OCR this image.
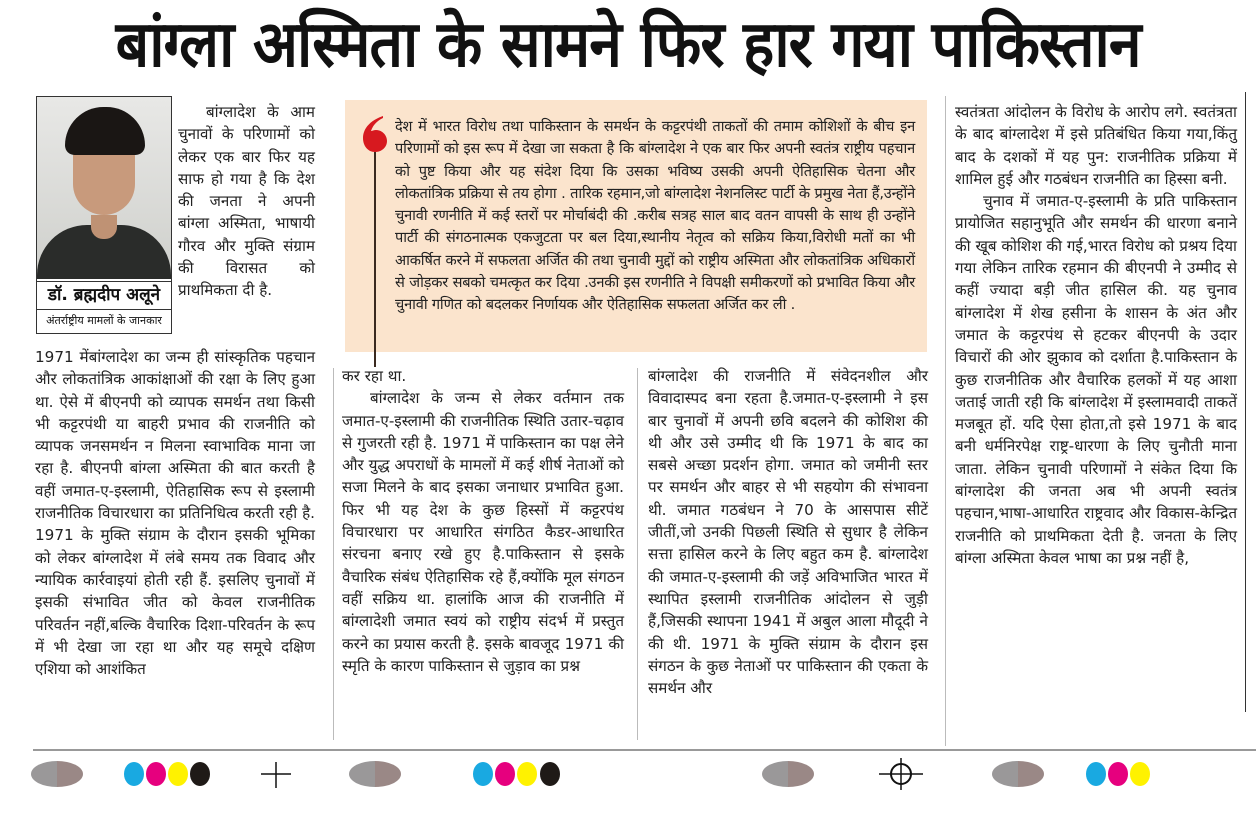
बांग्ला अस्मिता के सामने फिर हार गया पाकिस्तान
डॉ. ब्रह्मदीप अलूने
अंतर्राष्ट्रीय मामलों के जानकार

बांग्लादेश के आम चुनावों के परिणामों को लेकर एक बार फिर यह साफ हो गया है कि देश की जनता ने अपनी बांग्ला अस्मिता, भाषायी गौरव और मुक्ति संग्राम की विरासत को प्राथमिकता दी है.

1971 मेंबांग्लादेश का जन्म ही सांस्कृतिक पहचान और लोकतांत्रिक आकांक्षाओं की रक्षा के लिए हुआ था. ऐसे में बीएनपी को व्यापक समर्थन तथा किसी भी कट्टरपंथी या बाहरी प्रभाव की राजनीति को व्यापक जनसमर्थन न मिलना स्वाभाविक माना जा रहा है. बीएनपी बांग्ला अस्मिता की बात करती है वहीं जमात-ए-इस्लामी, ऐतिहासिक रूप से इस्लामी राजनीतिक विचारधारा का प्रतिनिधित्व करती रही है. 1971 के मुक्ति संग्राम के दौरान इसकी भूमिका को लेकर बांग्लादेश में लंबे समय तक विवाद और न्यायिक कार्रवाइयां होती रही हैं. इसलिए चुनावों में इसकी संभावित जीत को केवल राजनीतिक परिवर्तन नहीं,बल्कि वैचारिक दिशा-परिवर्तन के रूप में भी देखा जा रहा था और यह समूचे दक्षिण एशिया को आशंकित

देश में भारत विरोध तथा पाकिस्तान के समर्थन के कट्टरपंथी ताकतों की तमाम कोशिशों के बीच इन परिणामों को इस रूप में देखा जा सकता है कि बांग्लादेश ने एक बार फिर अपनी स्वतंत्र राष्ट्रीय पहचान को पुष्ट किया और यह संदेश दिया कि उसका भविष्य उसकी अपनी ऐतिहासिक चेतना और लोकतांत्रिक प्रक्रिया से तय होगा . तारिक रहमान,जो बांग्लादेश नेशनलिस्ट पार्टी के प्रमुख नेता हैं,उन्होंने चुनावी रणनीति में कई स्तरों पर मोर्चाबंदी की .करीब सत्रह साल बाद वतन वापसी के साथ ही उन्होंने पार्टी की संगठनात्मक एकजुटता पर बल दिया,स्थानीय नेतृत्व को सक्रिय किया,विरोधी मतों का भी आकर्षित करने में सफलता अर्जित की तथा चुनावी मुद्दों को राष्ट्रीय अस्मिता और लोकतांत्रिक अधिकारों से जोड़कर सबको चमत्कृत कर दिया .उनकी इस रणनीति ने विपक्षी समीकरणों को प्रभावित किया और चुनावी गणित को बदलकर निर्णायक और ऐतिहासिक सफलता अर्जित कर ली .

कर रहा था.

बांग्लादेश के जन्म से लेकर वर्तमान तक जमात-ए-इस्लामी की राजनीतिक स्थिति उतार-चढ़ाव से गुजरती रही है. 1971 में पाकिस्तान का पक्ष लेने और युद्ध अपराधों के मामलों में कई शीर्ष नेताओं को सजा मिलने के बाद इसका जनाधार प्रभावित हुआ. फिर भी यह देश के कुछ हिस्सों में कट्टरपंथ विचारधारा पर आधारित संगठित कैडर-आधारित संरचना बनाए रखे हुए है.पाकिस्तान से इसके वैचारिक संबंध ऐतिहासिक रहे हैं,क्योंकि मूल संगठन वहीं सक्रिय था. हालांकि आज की राजनीति में बांग्लादेशी जमात स्वयं को राष्ट्रीय संदर्भ में प्रस्तुत करने का प्रयास करती है. इसके बावजूद 1971 की स्मृति के कारण पाकिस्तान से जुड़ाव का प्रश्न

बांग्लादेश की राजनीति में संवेदनशील और विवादास्पद बना रहता है.जमात-ए-इस्लामी ने इस बार चुनावों में अपनी छवि बदलने की कोशिश की थी और उसे उम्मीद थी कि 1971 के बाद का सबसे अच्छा प्रदर्शन होगा. जमात को जमीनी स्तर पर समर्थन और बाहर से भी सहयोग की संभावना थी. जमात गठबंधन ने 70 के आसपास सीटें जीतीं,जो उनकी पिछली स्थिति से सुधार है लेकिन सत्ता हासिल करने के लिए बहुत कम है. बांग्लादेश की जमात-ए-इस्लामी की जड़ें अविभाजित भारत में स्थापित इस्लामी राजनीतिक आंदोलन से जुड़ी हैं,जिसकी स्थापना 1941 में अबुल आला मौदूदी ने की थी. 1971 के मुक्ति संग्राम के दौरान इस संगठन के कुछ नेताओं पर पाकिस्तान की एकता के समर्थन और

स्वतंत्रता आंदोलन के विरोध के आरोप लगे. स्वतंत्रता के बाद बांग्लादेश में इसे प्रतिबंधित किया गया,किंतु बाद के दशकों में यह पुन: राजनीतिक प्रक्रिया में शामिल हुई और गठबंधन राजनीति का हिस्सा बनी.

चुनाव में जमात-ए-इस्लामी के प्रति पाकिस्तान प्रायोजित सहानुभूति और समर्थन की धारणा बनाने की खूब कोशिश की गई,भारत विरोध को प्रश्रय दिया गया लेकिन तारिक रहमान की बीएनपी ने उम्मीद से कहीं ज्यादा बड़ी जीत हासिल की. यह चुनाव बांग्लादेश में शेख हसीना के शासन के अंत और जमात के कट्टरपंथ से हटकर बीएनपी के उदार विचारों की ओर झुकाव को दर्शाता है.पाकिस्तान के कुछ राजनीतिक और वैचारिक हलकों में यह आशा जताई जाती रही कि बांग्लादेश में इस्लामवादी ताकतें मजबूत हों. यदि ऐसा होता,तो इसे 1971 के बाद बनी धर्मनिरपेक्ष राष्ट्र-धारणा के लिए चुनौती माना जाता. लेकिन चुनावी परिणामों ने संकेत दिया कि बांग्लादेश की जनता अब भी अपनी स्वतंत्र पहचान,भाषा-आधारित राष्ट्रवाद और विकास-केन्द्रित राजनीति को प्राथमिकता देती है. जनता के लिए बांग्ला अस्मिता केवल भाषा का प्रश्न नहीं है,
